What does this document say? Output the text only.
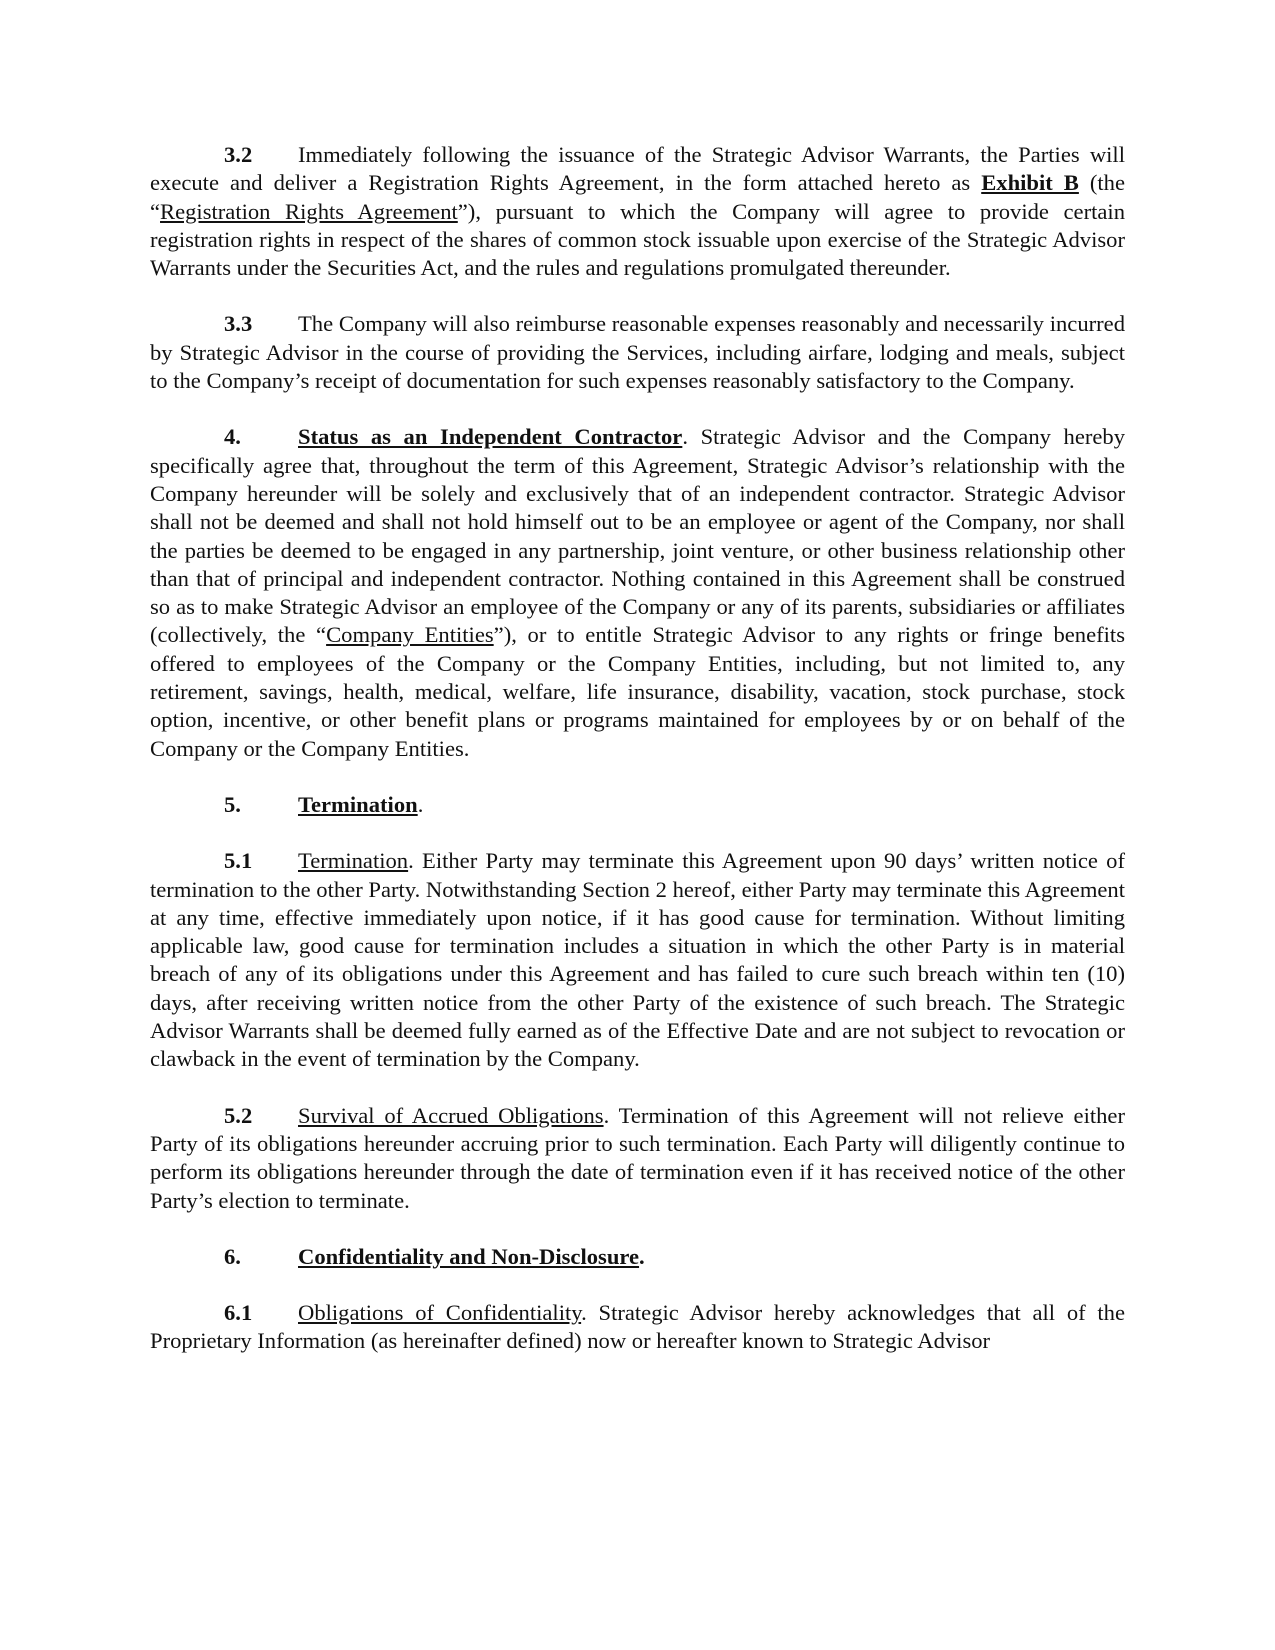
3.2 Immediately following the issuance of the Strategic Advisor Warrants, the Parties will execute and deliver a Registration Rights Agreement, in the form attached hereto as Exhibit B (the “Registration Rights Agreement”), pursuant to which the Company will agree to provide certain registration rights in respect of the shares of common stock issuable upon exercise of the Strategic Advisor Warrants under the Securities Act, and the rules and regulations promulgated thereunder.

3.3 The Company will also reimburse reasonable expenses reasonably and necessarily incurred by Strategic Advisor in the course of providing the Services, including airfare, lodging and meals, subject to the Company’s receipt of documentation for such expenses reasonably satisfactory to the Company.

4.	Status as an Independent Contractor. Strategic Advisor and the Company hereby specifically agree that, throughout the term of this Agreement, Strategic Advisor’s relationship with the Company hereunder will be solely and exclusively that of an independent contractor. Strategic Advisor shall not be deemed and shall not hold himself out to be an employee or agent of the Company, nor shall the parties be deemed to be engaged in any partnership, joint venture, or other business relationship other than that of principal and independent contractor. Nothing contained in this Agreement shall be construed so as to make Strategic Advisor an employee of the Company or any of its parents, subsidiaries or affiliates (collectively, the “Company Entities”), or to entitle Strategic Advisor to any rights or fringe benefits offered to employees of the Company or the Company Entities, including, but not limited to, any retirement, savings, health, medical, welfare, life insurance, disability, vacation, stock purchase, stock option, incentive, or other benefit plans or programs maintained for employees by or on behalf of the Company or the Company Entities.

5.	Termination.

5.1 Termination. Either Party may terminate this Agreement upon 90 days’ written notice of termination to the other Party. Notwithstanding Section 2 hereof, either Party may terminate this Agreement at any time, effective immediately upon notice, if it has good cause for termination. Without limiting applicable law, good cause for termination includes a situation in which the other Party is in material breach of any of its obligations under this Agreement and has failed to cure such breach within ten (10) days, after receiving written notice from the other Party of the existence of such breach. The Strategic Advisor Warrants shall be deemed fully earned as of the Effective Date and are not subject to revocation or clawback in the event of termination by the Company.

5.2 Survival of Accrued Obligations. Termination of this Agreement will not relieve either Party of its obligations hereunder accruing prior to such termination. Each Party will diligently continue to perform its obligations hereunder through the date of termination even if it has received notice of the other Party’s election to terminate.

6.	Confidentiality and Non-Disclosure.

6.1 Obligations of Confidentiality. Strategic Advisor hereby acknowledges that all of the Proprietary Information (as hereinafter defined) now or hereafter known to Strategic Advisor
